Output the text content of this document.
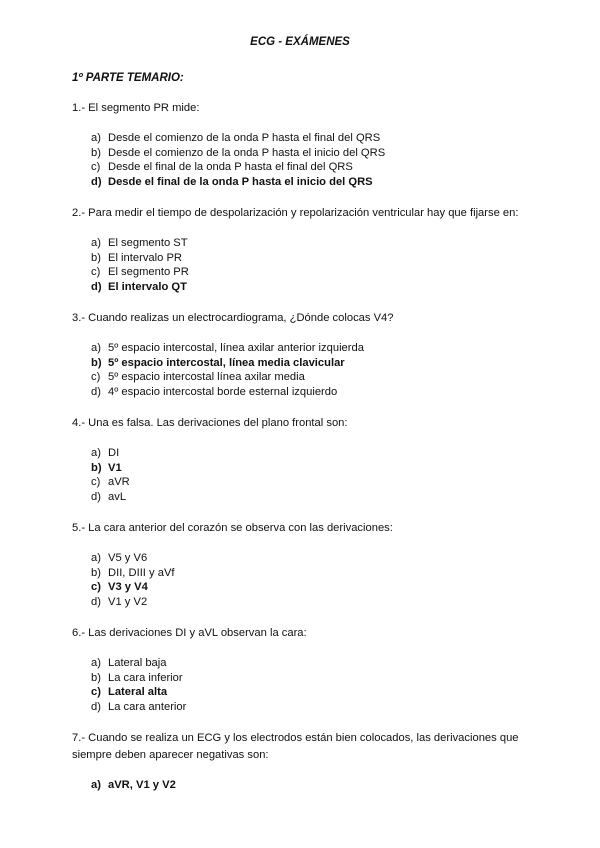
ECG - EXÁMENES
1º PARTE TEMARIO:
1.- El segmento PR mide:
a) Desde el comienzo de la onda P hasta el final del QRS
b) Desde el comienzo de la onda P hasta el inicio del QRS
c) Desde el final de la onda P hasta el final del QRS
d) Desde el final de la onda P hasta el inicio del QRS
2.- Para medir el tiempo de despolarización y repolarización ventricular hay que fijarse en:
a) El segmento ST
b) El intervalo PR
c) El segmento PR
d) El intervalo QT
3.- Cuando realizas un electrocardiograma, ¿Dónde colocas V4?
a) 5º espacio intercostal, línea axilar anterior izquierda
b) 5º espacio intercostal, línea media clavicular
c) 5º espacio intercostal línea axilar media
d) 4º espacio intercostal borde esternal izquierdo
4.- Una es falsa. Las derivaciones del plano frontal son:
a) DI
b) V1
c) aVR
d) avL
5.- La cara anterior del corazón se observa con las derivaciones:
a) V5 y V6
b) DII, DIII y aVf
c) V3 y V4
d) V1 y V2
6.- Las derivaciones DI y aVL observan la cara:
a) Lateral baja
b) La cara inferior
c) Lateral alta
d) La cara anterior
7.- Cuando se realiza un ECG y los electrodos están bien colocados, las derivaciones que siempre deben aparecer negativas son:
a) aVR, V1 y V2
